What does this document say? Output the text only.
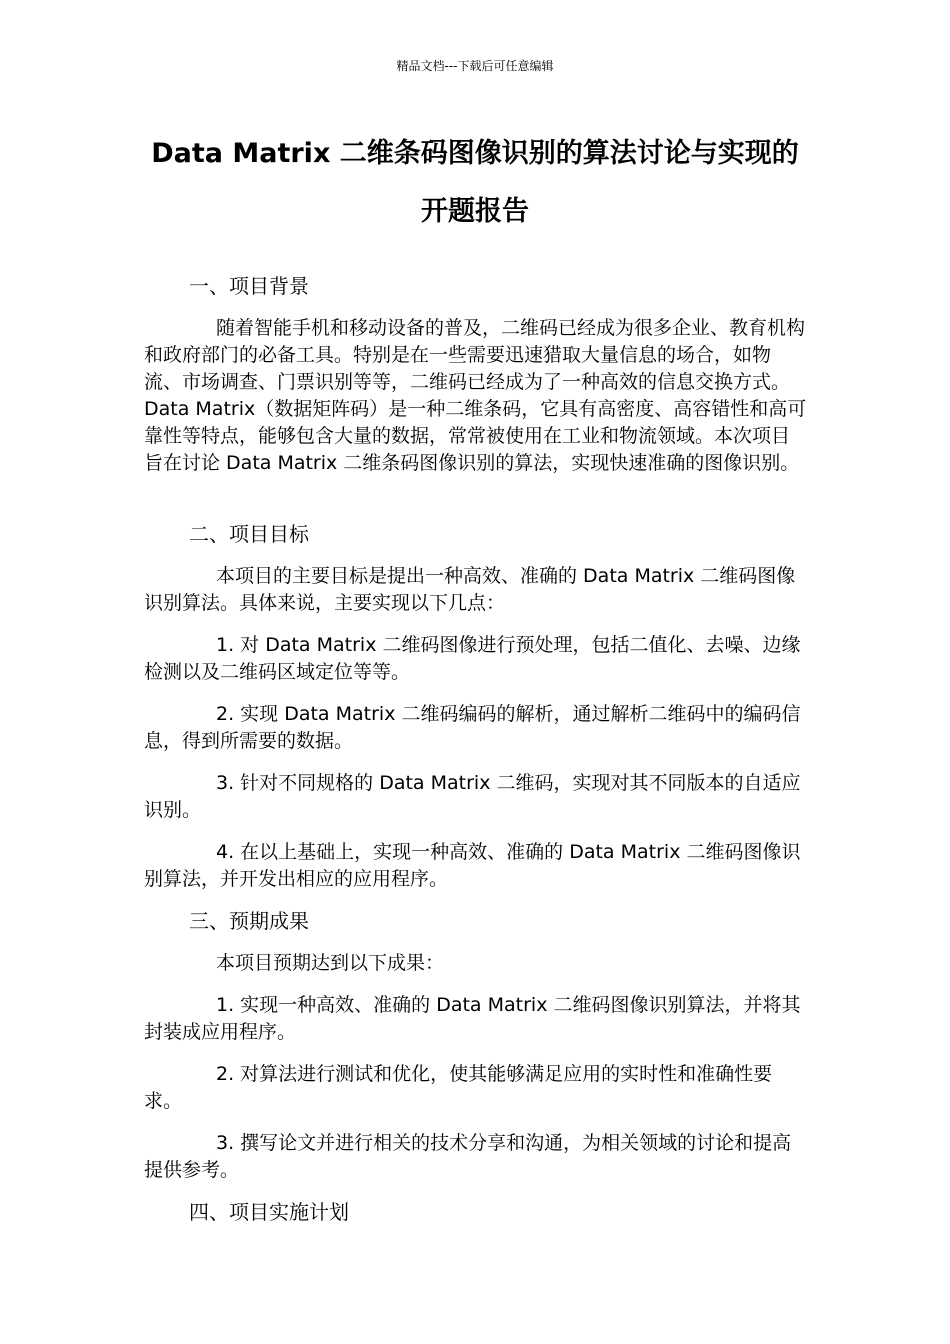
精品文档---下载后可任意编辑
Data Matrix 二维条码图像识别的算法讨论与实现的
开题报告
一、项目背景
随着智能手机和移动设备的普及，二维码已经成为很多企业、教育机构和政府部门的必备工具。特别是在一些需要迅速猎取大量信息的场合，如物流、市场调查、门票识别等等，二维码已经成为了一种高效的信息交换方式。Data Matrix（数据矩阵码）是一种二维条码，它具有高密度、高容错性和高可靠性等特点，能够包含大量的数据，常常被使用在工业和物流领域。本次项目旨在讨论 Data Matrix 二维条码图像识别的算法，实现快速准确的图像识别。
二、项目目标
本项目的主要目标是提出一种高效、准确的 Data Matrix 二维码图像识别算法。具体来说，主要实现以下几点：
1. 对 Data Matrix 二维码图像进行预处理，包括二值化、去噪、边缘检测以及二维码区域定位等等。
2. 实现 Data Matrix 二维码编码的解析，通过解析二维码中的编码信息，得到所需要的数据。
3. 针对不同规格的 Data Matrix 二维码，实现对其不同版本的自适应识别。
4. 在以上基础上，实现一种高效、准确的 Data Matrix 二维码图像识别算法，并开发出相应的应用程序。
三、预期成果
本项目预期达到以下成果：
1. 实现一种高效、准确的 Data Matrix 二维码图像识别算法，并将其封装成应用程序。
2. 对算法进行测试和优化，使其能够满足应用的实时性和准确性要求。
3. 撰写论文并进行相关的技术分享和沟通，为相关领域的讨论和提高提供参考。
四、项目实施计划
